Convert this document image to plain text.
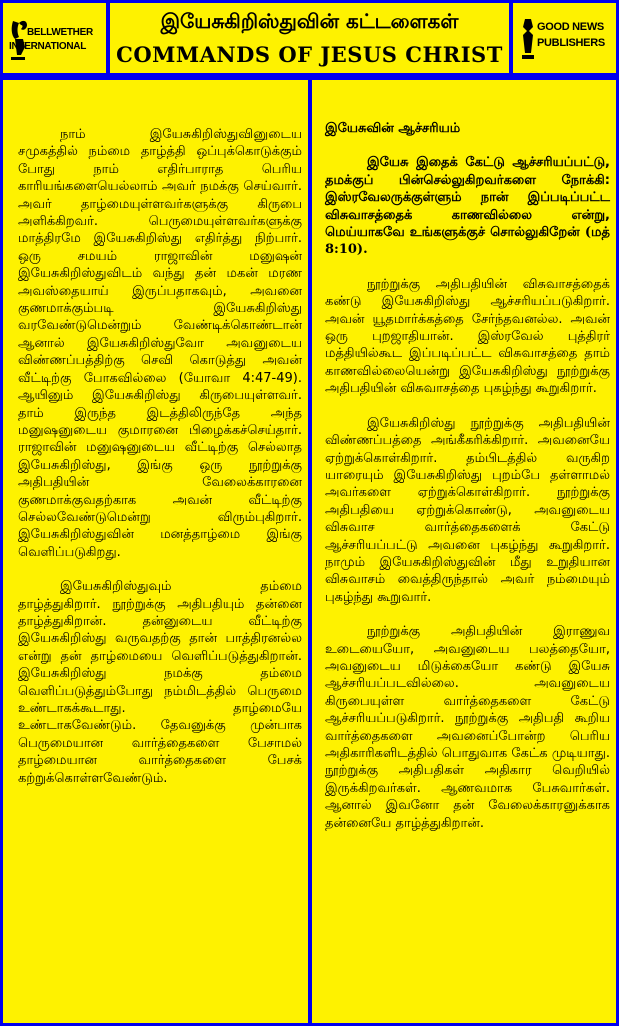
BELLWETHER
INTERNATIONAL
இயேசுகிறிஸ்துவின் கட்டளைகள்
COMMANDS OF JESUS CHRIST
GOOD NEWS
PUBLISHERS

நாம் இயேசுகிறிஸ்துவினுடைய சமுகத்தில் நம்மை தாழ்த்தி ஒப்புக்கொடுக்கும் போது நாம் எதிர்பாராத பெரிய காரியங்களையெல்லாம் அவர் நமக்கு செய்வார். அவர் தாழ்மையுள்ளவர்களுக்கு கிருபை அளிக்கிறவர். பெருமையுள்ளவர்களுக்கு மாத்திரமே இயேசுகிறிஸ்து எதிர்த்து நிற்பார். ஒரு சமயம் ராஜாவின் மனுஷன் இயேசுகிறிஸ்துவிடம் வந்து தன் மகன் மரண அவஸ்தையாய் இருப்பதாகவும், அவனை குணமாக்கும்படி இயேசுகிறிஸ்து வரவேண்டுமென்றும் வேண்டிக்கொண்டான் ஆனால் இயேசுகிறிஸ்துவோ அவனுடைய விண்ணப்பத்திற்கு செவி கொடுத்து அவன் வீட்டிற்கு போகவில்லை (யோவா 4:47-49). ஆயினும் இயேசுகிறிஸ்து கிருபையுள்ளவர். தாம் இருந்த இடத்திலிருந்தே அந்த மனுஷனுடைய குமாரனை பிழைக்கச்செய்தார். ராஜாவின் மனுஷனுடைய வீட்டிற்கு செல்லாத இயேசுகிறிஸ்து, இங்கு ஒரு நூற்றுக்கு அதிபதியின் வேலைக்காரனை குணமாக்குவதற்காக அவன் வீட்டிற்கு செல்லவேண்டுமென்று விரும்புகிறார். இயேசுகிறிஸ்துவின் மனத்தாழ்மை இங்கு வெளிப்படுகிறது.

இயேசுகிறிஸ்துவும் தம்மை தாழ்த்துகிறார். நூற்றுக்கு அதிபதியும் தன்னை தாழ்த்துகிறான். தன்னுடைய வீட்டிற்கு இயேசுகிறிஸ்து வருவதற்கு தான் பாத்திரனல்ல என்று தன் தாழ்மையை வெளிப்படுத்துகிறான். இயேசுகிறிஸ்து நமக்கு தம்மை வெளிப்படுத்தும்போது நம்மிடத்தில் பெருமை உண்டாகக்கூடாது. தாழ்மையே உண்டாகவேண்டும். தேவனுக்கு முன்பாக பெருமையான வார்த்தைகளை பேசாமல் தாழ்மையான வார்த்தைகளை பேசக் கற்றுக்கொள்ளவேண்டும்.

இயேசுவின் ஆச்சரியம்

இயேசு இதைக் கேட்டு ஆச்சரியப்பட்டு, தமக்குப் பின்செல்லுகிறவர்களை நோக்கி: இஸ்ரவேலருக்குள்ளும் நான் இப்படிப்பட்ட விசுவாசத்தைக் காணவில்லை என்று, மெய்யாகவே உங்களுக்குச் சொல்லுகிறேன் (மத் 8:10).

நூற்றுக்கு அதிபதியின் விசுவாசத்தைக் கண்டு இயேசுகிறிஸ்து ஆச்சரியப்படுகிறார். அவன் யூதமார்க்கத்தை சேர்ந்தவனல்ல. அவன் ஒரு புறஜாதியான். இஸ்ரவேல் புத்திரர் மத்தியில்கூட இப்படிப்பட்ட விசுவாசத்தை தாம் காணவில்லையென்று இயேசுகிறிஸ்து நூற்றுக்கு அதிபதியின் விசுவாசத்தை புகழ்ந்து கூறுகிறார்.

இயேசுகிறிஸ்து நூற்றுக்கு அதிபதியின் விண்ணப்பத்தை அங்கீகரிக்கிறார். அவனையே ஏற்றுக்கொள்கிறார். தம்பிடத்தில் வருகிற யாரையும் இயேசுகிறிஸ்து புறம்பே தள்ளாமல் அவர்களை ஏற்றுக்கொள்கிறார். நூற்றுக்கு அதிபதியை ஏற்றுக்கொண்டு, அவனுடைய விசுவாச வார்த்தைகளைக் கேட்டு ஆச்சரியப்பட்டு அவனை புகழ்ந்து கூறுகிறார். நாமும் இயேசுகிறிஸ்துவின் மீது உறுதியான விசுவாசம் வைத்திருந்தால் அவர் நம்மையும் புகழ்ந்து கூறுவார்.

நூற்றுக்கு அதிபதியின் இராணுவ உடையையோ, அவனுடைய பலத்தையோ, அவனுடைய மிடுக்கையோ கண்டு இயேசு ஆச்சரியப்படவில்லை. அவனுடைய கிருபையுள்ள வார்த்தைகளை கேட்டு ஆச்சரியப்படுகிறார். நூற்றுக்கு அதிபதி கூறிய வார்த்தைகளை அவனைப்போன்ற பெரிய அதிகாரிகளிடத்தில் பொதுவாக கேட்க முடியாது. நூற்றுக்கு அதிபதிகள் அதிகார வெறியில் இருக்கிறவர்கள். ஆணவமாக பேசுவார்கள். ஆனால் இவனோ தன் வேலைக்காரனுக்காக தன்னையே தாழ்த்துகிறான்.
